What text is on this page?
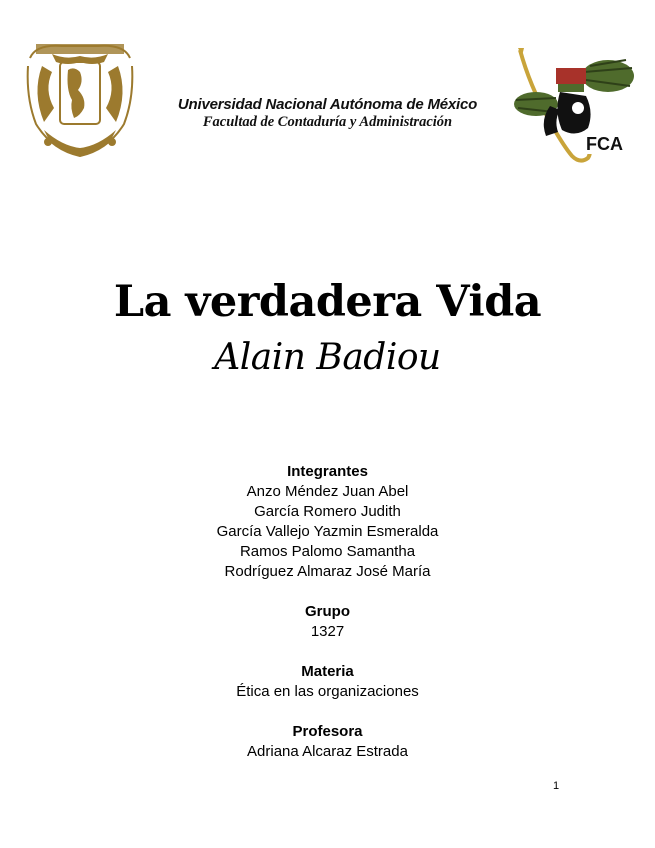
Universidad Nacional Autónoma de México
Facultad de Contaduría y Administración
FCA
La verdadera Vida
Alain Badiou
Integrantes
Anzo Méndez Juan Abel
García Romero Judith
García Vallejo Yazmin Esmeralda
Ramos Palomo Samantha
Rodríguez Almaraz José María
Grupo
1327
Materia
Ética en las organizaciones
Profesora
Adriana Alcaraz Estrada
1
